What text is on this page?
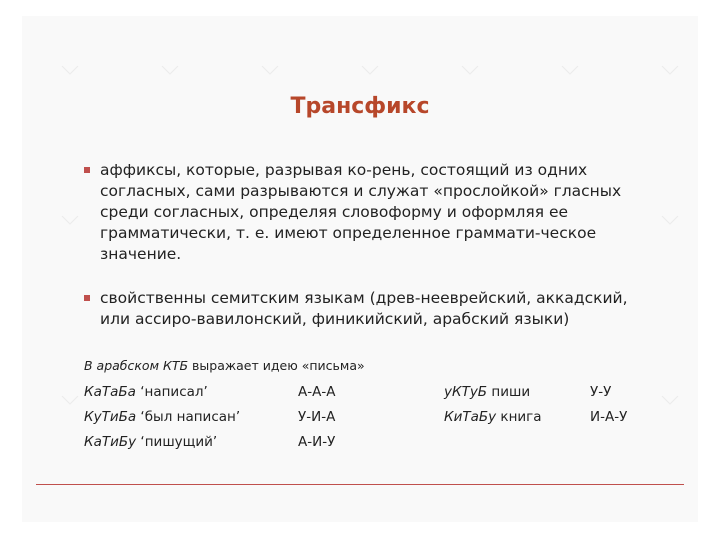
Трансфикс
аффиксы, которые, разрывая ко-рень, состоящий из одних согласных, сами разрываются и служат «прослойкой» гласных среди согласных, определяя словоформу и оформляя ее грамматически, т. е. имеют определенное граммати-ческое значение.
свойственны семитским языкам (древ-нееврейский, аккадский, или ассиро-вавилонский, финикийский, арабский языки)
В арабском КТБ выражает идею «письма»
КаТаБа ‘написал’	А-А-А	уКТуБ пиши	У-У
КуТиБа ‘был написан’	У-И-А	КиТаБу книга	И-А-У
КаТиБу ‘пишущий’	А-И-У
